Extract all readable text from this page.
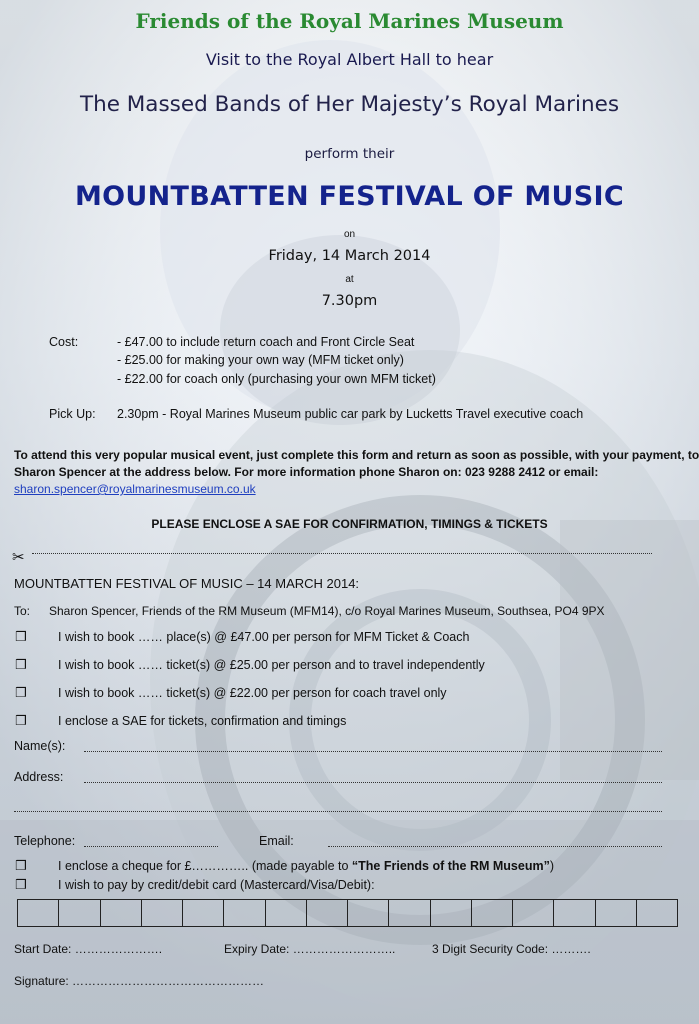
Friends of the Royal Marines Museum
Visit to the Royal Albert Hall to hear
The Massed Bands of Her Majesty’s Royal Marines
perform their
MOUNTBATTEN FESTIVAL OF MUSIC
on
Friday, 14 March 2014
at
7.30pm
Cost:	- £47.00 to include return coach and Front Circle Seat
- £25.00 for making your own way (MFM ticket only)
- £22.00 for coach only (purchasing your own MFM ticket)
Pick Up: 2.30pm - Royal Marines Museum public car park by Lucketts Travel executive coach
To attend this very popular musical event, just complete this form and return as soon as possible, with your payment, to
Sharon Spencer at the address below. For more information phone Sharon on: 023 9288 2412 or email:
sharon.spencer@royalmarinesmuseum.co.uk
PLEASE ENCLOSE A SAE FOR CONFIRMATION, TIMINGS & TICKETS
✂
MOUNTBATTEN FESTIVAL OF MUSIC – 14 MARCH 2014:
To: Sharon Spencer, Friends of the RM Museum (MFM14), c/o Royal Marines Museum, Southsea, PO4 9PX
❒	I wish to book …… place(s) @ £47.00 per person for MFM Ticket & Coach
❒	I wish to book …… ticket(s) @ £25.00 per person and to travel independently
❒	I wish to book …… ticket(s) @ £22.00 per person for coach travel only
❒	I enclose a SAE for tickets, confirmation and timings
Name(s):
Address:
Telephone:	Email:
❒	I enclose a cheque for £………….. (made payable to “The Friends of the RM Museum”)
❒	I wish to pay by credit/debit card (Mastercard/Visa/Debit):
Start Date: ………………….	Expiry Date: ……………………..	3 Digit Security Code: ……….
Signature: …………………………………………
